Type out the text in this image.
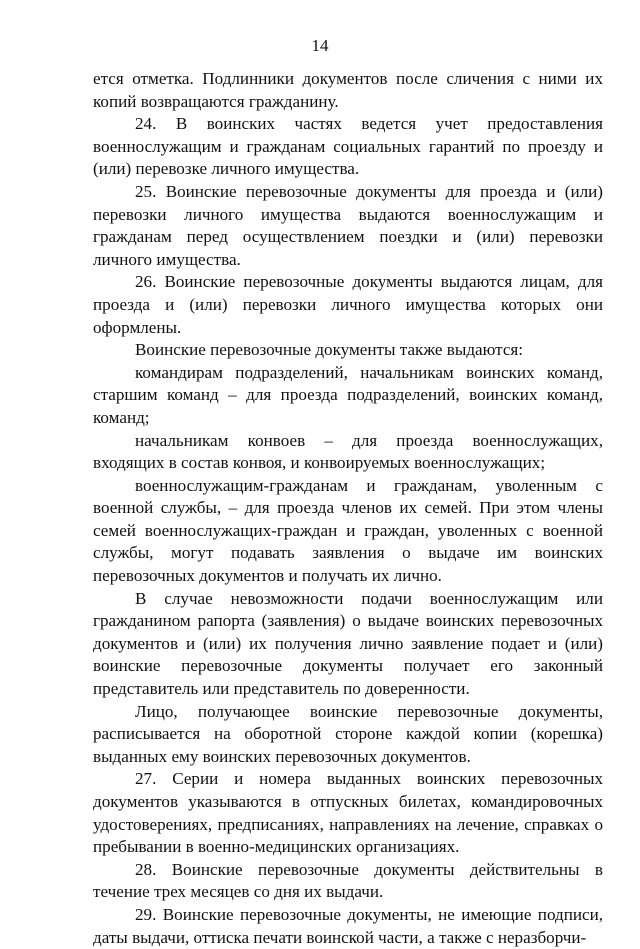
14

ется отметка. Подлинники документов после сличения с ними их копий возвращаются гражданину.

24. В воинских частях ведется учет предоставления военнослужащим и гражданам социальных гарантий по проезду и (или) перевозке личного имущества.

25. Воинские перевозочные документы для проезда и (или) перевозки личного имущества выдаются военнослужащим и гражданам перед осуществлением поездки и (или) перевозки личного имущества.

26. Воинские перевозочные документы выдаются лицам, для проезда и (или) перевозки личного имущества которых они оформлены.

Воинские перевозочные документы также выдаются:

командирам подразделений, начальникам воинских команд, старшим команд – для проезда подразделений, воинских команд, команд;

начальникам конвоев – для проезда военнослужащих, входящих в состав конвоя, и конвоируемых военнослужащих;

военнослужащим-гражданам и гражданам, уволенным с военной службы, – для проезда членов их семей. При этом члены семей военнослужащих-граждан и граждан, уволенных с военной службы, могут подавать заявления о выдаче им воинских перевозочных документов и получать их лично.

В случае невозможности подачи военнослужащим или гражданином рапорта (заявления) о выдаче воинских перевозочных документов и (или) их получения лично заявление подает и (или) воинские перевозочные документы получает его законный представитель или представитель по доверенности.

Лицо, получающее воинские перевозочные документы, расписывается на оборотной стороне каждой копии (корешка) выданных ему воинских перевозочных документов.

27. Серии и номера выданных воинских перевозочных документов указываются в отпускных билетах, командировочных удостоверениях, предписаниях, направлениях на лечение, справках о пребывании в военно-медицинских организациях.

28. Воинские перевозочные документы действительны в течение трех месяцев со дня их выдачи.

29. Воинские перевозочные документы, не имеющие подписи, даты выдачи, оттиска печати воинской части, а также с неразборчи-
